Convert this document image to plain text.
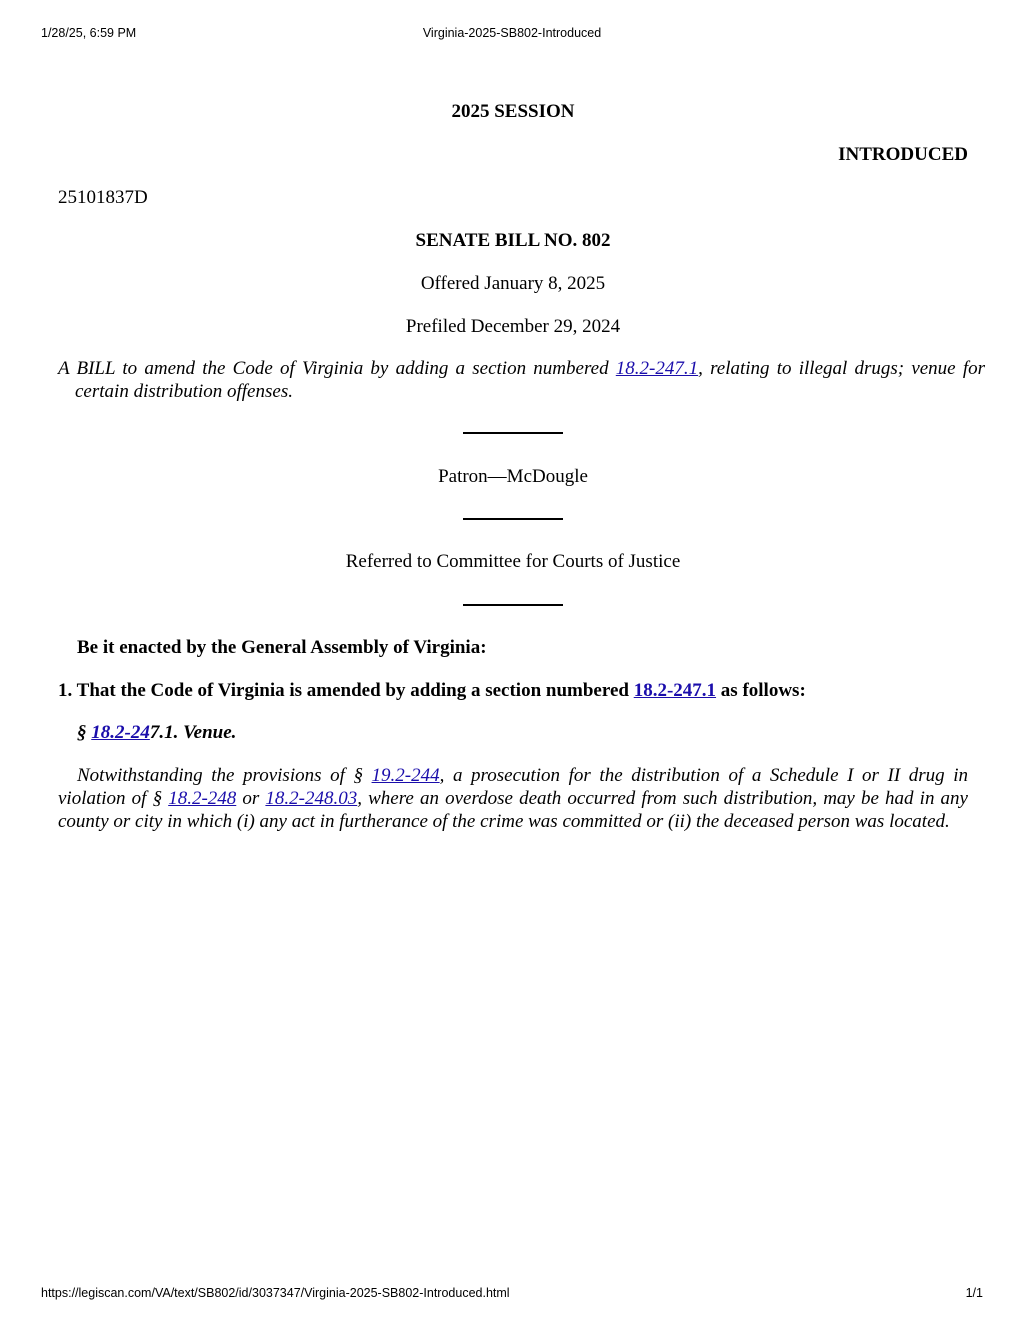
1/28/25, 6:59 PM	Virginia-2025-SB802-Introduced
2025 SESSION
INTRODUCED
25101837D
SENATE BILL NO. 802
Offered January 8, 2025
Prefiled December 29, 2024
A BILL to amend the Code of Virginia by adding a section numbered 18.2-247.1, relating to illegal drugs; venue for certain distribution offenses.
Patron—McDougle
Referred to Committee for Courts of Justice
Be it enacted by the General Assembly of Virginia:
1. That the Code of Virginia is amended by adding a section numbered 18.2-247.1 as follows:
§ 18.2-247.1. Venue.
Notwithstanding the provisions of § 19.2-244, a prosecution for the distribution of a Schedule I or II drug in violation of § 18.2-248 or 18.2-248.03, where an overdose death occurred from such distribution, may be had in any county or city in which (i) any act in furtherance of the crime was committed or (ii) the deceased person was located.
https://legiscan.com/VA/text/SB802/id/3037347/Virginia-2025-SB802-Introduced.html	1/1
